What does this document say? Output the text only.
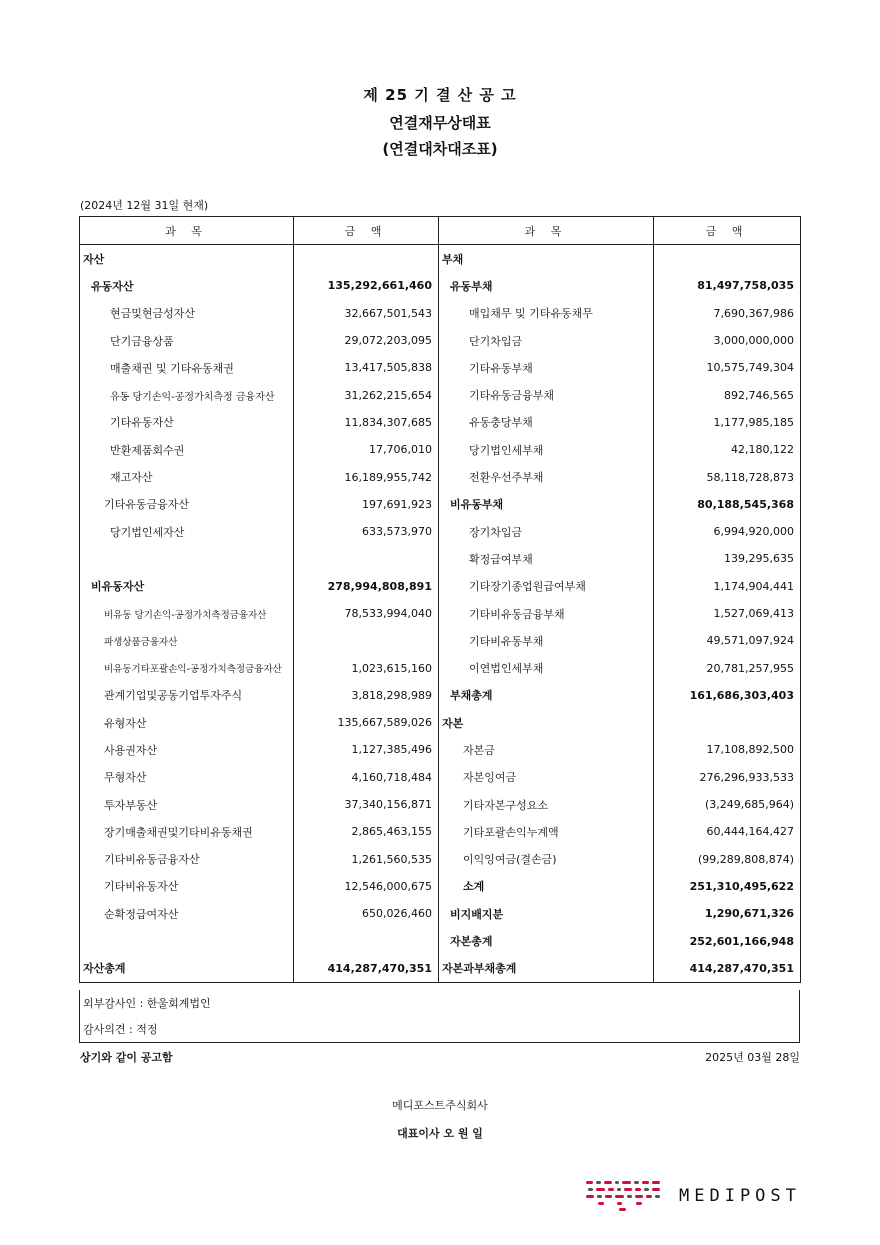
제 25 기 결 산 공 고
연결재무상태표
(연결대차대조표)
(2024년 12월 31일 현재)
과 목	금 액	과 목	금 액
자산		부채	
유동자산	135,292,661,460	유동부채	81,497,758,035
현금및현금성자산	32,667,501,543	매입채무 및 기타유동채무	7,690,367,986
단기금융상품	29,072,203,095	단기차입금	3,000,000,000
매출채권 및 기타유동채권	13,417,505,838	기타유동부채	10,575,749,304
유동 당기손익-공정가치측정 금융자산	31,262,215,654	기타유동금융부채	892,746,565
기타유동자산	11,834,307,685	유동충당부채	1,177,985,185
반환제품회수권	17,706,010	당기법인세부채	42,180,122
재고자산	16,189,955,742	전환우선주부채	58,118,728,873
기타유동금융자산	197,691,923	비유동부채	80,188,545,368
당기법인세자산	633,573,970	장기차입금	6,994,920,000
		확정급여부채	139,295,635
비유동자산	278,994,808,891	기타장기종업원급여부채	1,174,904,441
비유동 당기손익-공정가치측정금융자산	78,533,994,040	기타비유동금융부채	1,527,069,413
파생상품금융자산		기타비유동부채	49,571,097,924
비유동기타포괄손익-공정가치측정금융자산	1,023,615,160	이연법인세부채	20,781,257,955
관계기업및공동기업투자주식	3,818,298,989	부채총계	161,686,303,403
유형자산	135,667,589,026	자본	
사용권자산	1,127,385,496	자본금	17,108,892,500
무형자산	4,160,718,484	자본잉여금	276,296,933,533
투자부동산	37,340,156,871	기타자본구성요소	(3,249,685,964)
장기매출채권및기타비유동채권	2,865,463,155	기타포괄손익누계액	60,444,164,427
기타비유동금융자산	1,261,560,535	이익잉여금(결손금)	(99,289,808,874)
기타비유동자산	12,546,000,675	소계	251,310,495,622
순확정급여자산	650,026,460	비지배지분	1,290,671,326
		자본총계	252,601,166,948
자산총계	414,287,470,351	자본과부채총계	414,287,470,351
외부감사인 : 한울회계법인
감사의견 : 적정
상기와 같이 공고함	2025년 03월 28일
메디포스트주식회사
대표이사 오 원 일
MEDIPOST
